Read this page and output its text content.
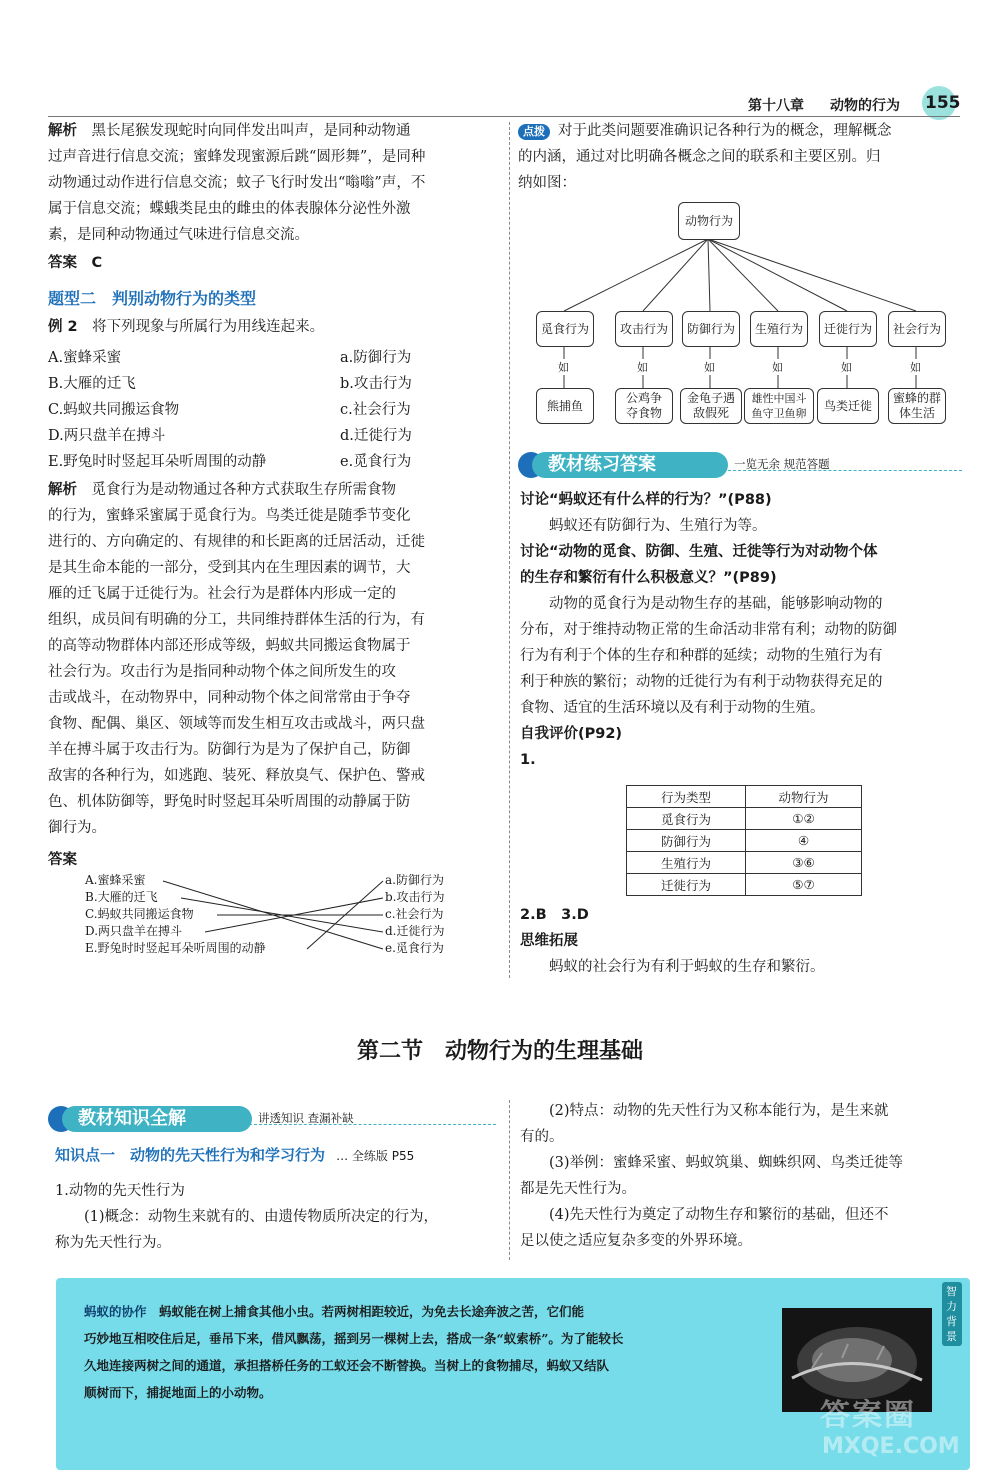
第十八章 动物的行为 155

解析　 黑长尾猴发现蛇时向同伴发出叫声，是同种动物通

过声音进行信息交流；蜜蜂发现蜜源后跳“圆形舞”，是同种

动物通过动作进行信息交流；蚊子飞行时发出“嗡嗡”声，不

属于信息交流；蝶蛾类昆虫的雌虫的体表腺体分泌性外激

素，是同种动物通过气味进行信息交流。

答案　 C

题型二　判别动物行为的类型

例 2　 将下列现象与所属行为用线连起来。

A.蜜蜂采蜜	a.防御行为
B.大雁的迁飞	b.攻击行为
C.蚂蚁共同搬运食物	c.社会行为
D.两只盘羊在搏斗	d.迁徙行为
E.野兔时时竖起耳朵听周围的动静	e.觅食行为

解析　 觅食行为是动物通过各种方式获取生存所需食物

的行为，蜜蜂采蜜属于觅食行为。鸟类迁徙是随季节变化

进行的、方向确定的、有规律的和长距离的迁居活动，迁徙

是其生命本能的一部分，受到其内在生理因素的调节，大

雁的迁飞属于迁徙行为。社会行为是群体内形成一定的

组织，成员间有明确的分工，共同维持群体生活的行为，有

的高等动物群体内部还形成等级，蚂蚁共同搬运食物属于

社会行为。攻击行为是指同种动物个体之间所发生的攻

击或战斗，在动物界中，同种动物个体之间常常由于争夺

食物、配偶、巢区、领域等而发生相互攻击或战斗，两只盘

羊在搏斗属于攻击行为。防御行为是为了保护自己，防御

敌害的各种行为，如逃跑、装死、释放臭气、保护色、警戒

色、机体防御等，野兔时时竖起耳朵听周围的动静属于防

御行为。

答案

A.蜜蜂采蜜
B.大雁的迁飞
C.蚂蚁共同搬运食物
D.两只盘羊在搏斗
E.野兔时时竖起耳朵听周围的动静
a.防御行为
b.攻击行为
c.社会行为
d.迁徙行为
e.觅食行为

点拨 对于此类问题要准确识记各种行为的概念，理解概念

的内涵，通过对比明确各概念之间的联系和主要区别。归

纳如图：

动物行为
觅食行为	攻击行为	防御行为	生殖行为	迁徙行为	社会行为
如	如	如	如	如	如
熊捕鱼
公鸡争
夺食物
金龟子遇
敌假死
雄性中国斗
鱼守卫鱼卵
鸟类迁徙
蜜蜂的群
体生活
教材练习答案	一览无余 规范答题

讨论“蚂蚁还有什么样的行为？”(P88)

蚂蚁还有防御行为、生殖行为等。

讨论“动物的觅食、防御、生殖、迁徙等行为对动物个体

的生存和繁衍有什么积极意义？”(P89)

动物的觅食行为是动物生存的基础，能够影响动物的

分布，对于维持动物正常的生命活动非常有利；动物的防御

行为有利于个体的生存和种群的延续；动物的生殖行为有

利于种族的繁衍；动物的迁徙行为有利于动物获得充足的

食物、适宜的生活环境以及有利于动物的生殖。

自我评价(P92)

1.

行为类型	动物行为
觅食行为	①②
防御行为	④
生殖行为	③⑥
迁徙行为	⑤⑦

2.B　3.D

思维拓展

蚂蚁的社会行为有利于蚂蚁的生存和繁衍。

第二节　动物行为的生理基础
教材知识全解	讲透知识 查漏补缺
知识点一　动物的先天性行为和学习行为 … 全练版 P55

1.动物的先天性行为

(1)概念：动物生来就有的、由遗传物质所决定的行为，

称为先天性行为。

(2)特点：动物的先天性行为又称本能行为，是生来就

有的。

(3)举例：蜜蜂采蜜、蚂蚁筑巢、蜘蛛织网、鸟类迁徙等

都是先天性行为。

(4)先天性行为奠定了动物生存和繁衍的基础，但还不

足以使之适应复杂多变的外界环境。

蚂蚁的协作　 蚂蚁能在树上捕食其他小虫。若两树相距较近，为免去长途奔波之苦，它们能
巧妙地互相咬住后足，垂吊下来，借风飘荡，摇到另一棵树上去，搭成一条“蚁索桥”。为了能较长
久地连接两树之间的通道，承担搭桥任务的工蚁还会不断替换。当树上的食物捕尽，蚂蚁又结队
顺树而下，捕捉地面上的小动物。
智力背景
答案圈
MXQE.COM
